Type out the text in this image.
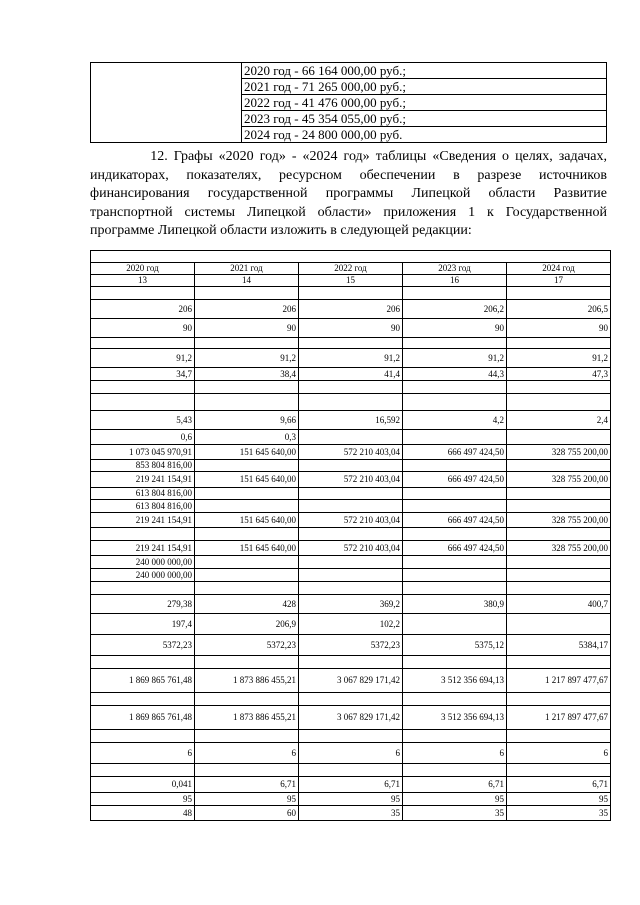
	2020 год - 66 164 000,00 руб.;
2021 год - 71 265 000,00 руб.;
2022 год - 41 476 000,00 руб.;
2023 год - 45 354 055,00 руб.;
2024 год - 24 800 000,00 руб.

12. Графы «2020 год» - «2024 год» таблицы «Сведения о целях, задачах, индикаторах, показателях, ресурсном обеспечении в разрезе источников финансирования государственной программы Липецкой области Развитие транспортной системы Липецкой области» приложения 1 к Государственной программе Липецкой области изложить в следующей редакции:

2020 год	2021 год	2022 год	2023 год	2024 год
13	14	15	16	17

206	206	206	206,2	206,5
90	90	90	90	90

91,2	91,2	91,2	91,2	91,2
34,7	38,4	41,4	44,3	47,3

5,43	9,66	16,592	4,2	2,4
0,6	0,3			
1 073 045 970,91	151 645 640,00	572 210 403,04	666 497 424,50	328 755 200,00
853 804 816,00				
219 241 154,91	151 645 640,00	572 210 403,04	666 497 424,50	328 755 200,00
613 804 816,00				
613 804 816,00				
219 241 154,91	151 645 640,00	572 210 403,04	666 497 424,50	328 755 200,00

219 241 154,91	151 645 640,00	572 210 403,04	666 497 424,50	328 755 200,00
240 000 000,00				
240 000 000,00				

279,38	428	369,2	380,9	400,7
197,4	206,9	102,2		
5372,23	5372,23	5372,23	5375,12	5384,17

1 869 865 761,48	1 873 886 455,21	3 067 829 171,42	3 512 356 694,13	1 217 897 477,67

1 869 865 761,48	1 873 886 455,21	3 067 829 171,42	3 512 356 694,13	1 217 897 477,67

6	6	6	6	6

0,041	6,71	6,71	6,71	6,71
95	95	95	95	95
48	60	35	35	35
